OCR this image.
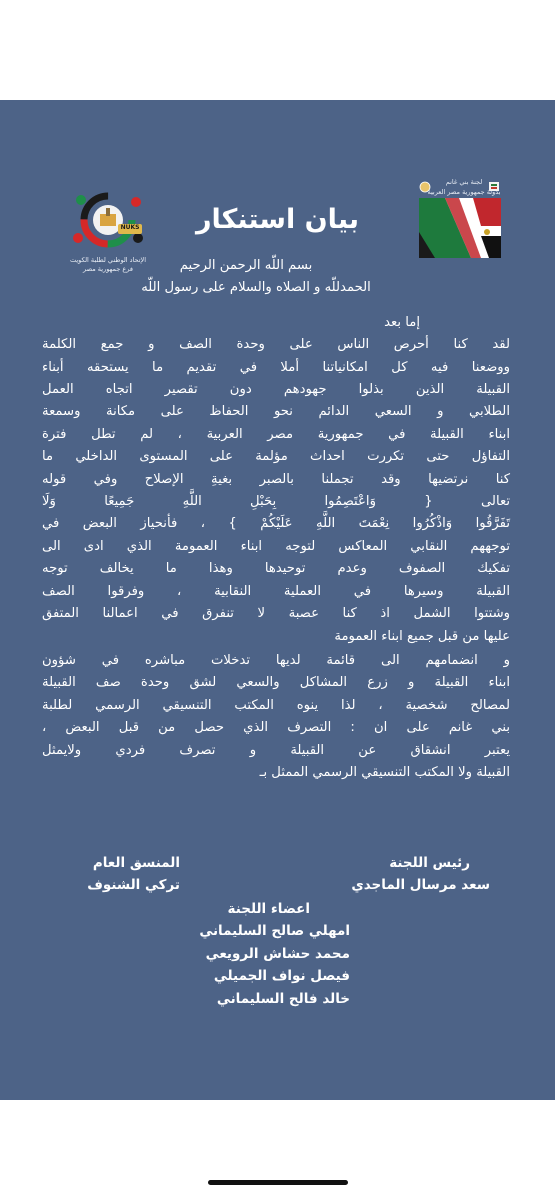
لجنة بني غانم
بدولة جمهورية مصر العربية
NUKS
الإتحاد الوطني لطلبة الكويت
فرع جمهورية مصر
بيان استنكار

بسم اللّه الرحمن الرحيم

الحمدللّه و الصلاه والسلام على رسول اللّه

إما بعد

لقد كنا أحرص الناس على وحدة الصف و جمع الكلمة

ووضعنا فيه كل امكانياتنا أملا في تقديم ما يستحقه أبناء

القبيلة الذين بذلوا جهودهم دون تقصير اتجاه العمل

الطلابي و السعي الدائم نحو الحفاظ على مكانة وسمعة

ابناء القبيلة في جمهورية مصر العربية ، لم تطل فترة

التفاؤل حتى تكررت احداث مؤلمة على المستوى الداخلي ما

كنا نرتضيها وقد تجملنا بالصبر بغيةِ الإصلاح وفي قوله

تعالى { وَاعْتَصِمُوا بِحَبْلِ اللَّهِ جَمِيعًا وَلَا

تَفَرَّقُوا وَاذْكُرُوا نِعْمَتَ اللَّهِ عَلَيْكُمْ } ، فأنحياز البعض في

توجههم النقابي المعاكس لتوجه ابناء العمومة الذي ادى الى

تفكيك الصفوف وعدم توحيدها وهذا ما يخالف توجه

القبيلة وسيرها في العملية النقابية ، وفرقوا الصف

وشتتوا الشمل اذ كنا عصبة لا تنفرق في اعمالنا المتفق

عليها من قبل جميع ابناء العمومة

و انضمامهم الى قائمة لديها تدخلات مباشره في شؤون

ابناء القبيلة و زرع المشاكل والسعي لشق وحدة صف القبيلة

لمصالح شخصية ، لذا ينوه المكتب التنسيقي الرسمي لطلبة

بني غانم على ان : التصرف الذي حصل من قبل البعض ،

يعتبر انشقاق عن القبيلة و تصرف فردي ولايمثل

القبيلة ولا المكتب التنسيقي الرسمي الممثل بـ

رئيس اللجنة
سعد مرسال الماجدي
المنسق العام
تركي الشنوف
اعضاء اللجنة
امهلي صالح السليماني
محمد حشاش الرويعي
فيصل نواف الجميلي
خالد فالح السليماني
